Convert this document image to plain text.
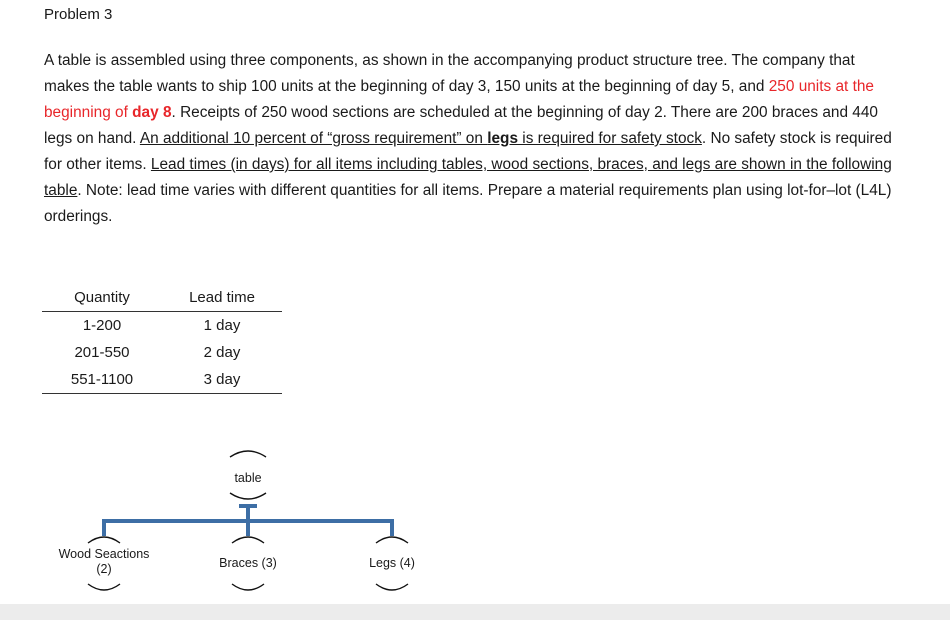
Problem 3
A table is assembled using three components, as shown in the accompanying product structure tree. The company that makes the table wants to ship 100 units at the beginning of day 3, 150 units at the beginning of day 5, and 250 units at the beginning of day 8. Receipts of 250 wood sections are scheduled at the beginning of day 2. There are 200 braces and 440 legs on hand. An additional 10 percent of “gross requirement” on legs is required for safety stock. No safety stock is required for other items. Lead times (in days) for all items including tables, wood sections, braces, and legs are shown in the following table. Note: lead time varies with different quantities for all items. Prepare a material requirements plan using lot-for–lot (L4L) orderings.
Quantity	Lead time
1-200	1 day
201-550	2 day
551-1100	3 day
table
Wood Seactions
(2)	Braces (3)	Legs (4)
